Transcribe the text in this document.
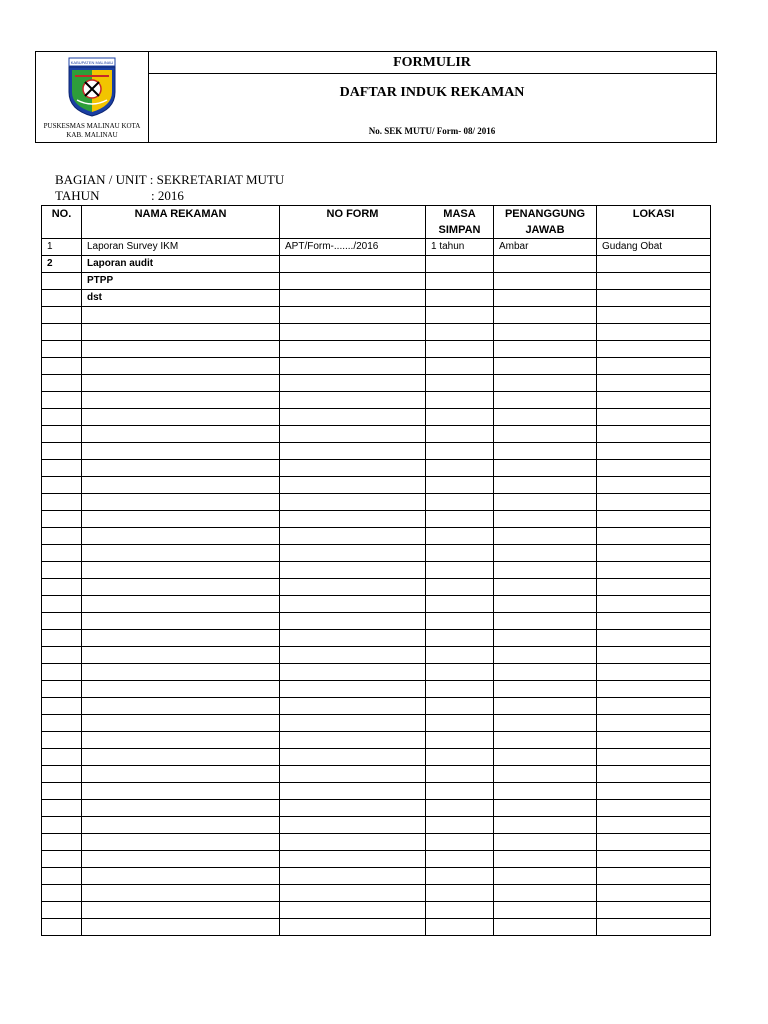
KABUPATEN MALINAU
PUSKESMAS MALINAU KOTA
KAB. MALINAU
FORMULIR
DAFTAR INDUK REKAMAN
No. SEK MUTU/ Form- 08/ 2016
BAGIAN / UNIT : SEKRETARIAT MUTU
TAHUN	: 2016
NO.	NAMA REKAMAN	NO FORM	MASA SIMPAN	PENANGGUNG JAWAB	LOKASI
1	Laporan Survey IKM	APT/Form-......./2016	1 tahun	Ambar	Gudang Obat
2	Laporan audit				
	PTPP				
	dst				
